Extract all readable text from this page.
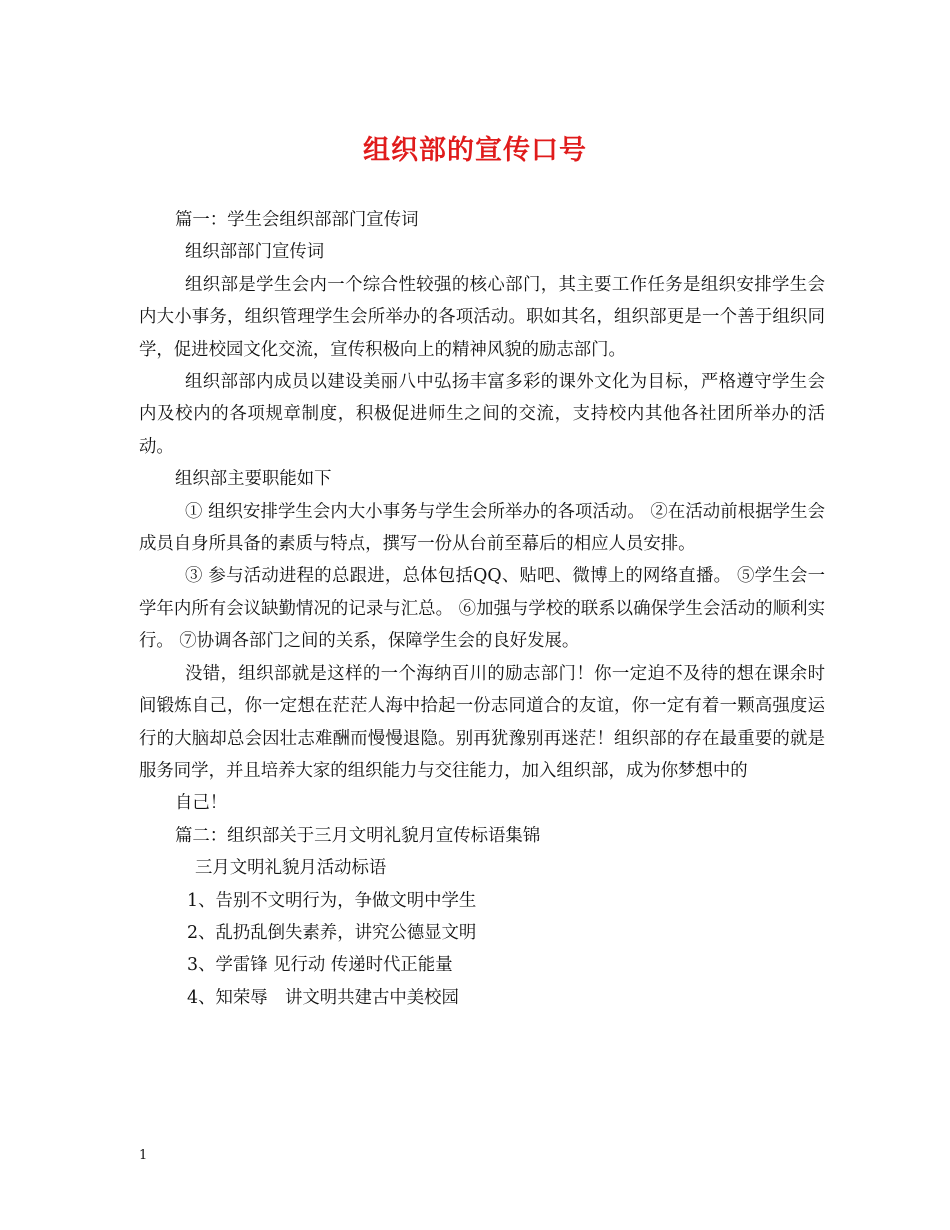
组织部的宣传口号

篇一：学生会组织部部门宣传词

组织部部门宣传词

组织部是学生会内一个综合性较强的核心部门，其主要工作任务是组织安排学生会内大小事务，组织管理学生会所举办的各项活动。职如其名，组织部更是一个善于组织同学，促进校园文化交流，宣传积极向上的精神风貌的励志部门。

组织部部内成员以建设美丽八中弘扬丰富多彩的课外文化为目标，严格遵守学生会内及校内的各项规章制度，积极促进师生之间的交流，支持校内其他各社团所举办的活动。

组织部主要职能如下

① 组织安排学生会内大小事务与学生会所举办的各项活动。 ②在活动前根据学生会成员自身所具备的素质与特点，撰写一份从台前至幕后的相应人员安排。

③ 参与活动进程的总跟进，总体包括QQ、贴吧、微博上的网络直播。 ⑤学生会一学年内所有会议缺勤情况的记录与汇总。 ⑥加强与学校的联系以确保学生会活动的顺利实行。 ⑦协调各部门之间的关系，保障学生会的良好发展。

没错，组织部就是这样的一个海纳百川的励志部门！你一定迫不及待的想在课余时间锻炼自己，你一定想在茫茫人海中拾起一份志同道合的友谊，你一定有着一颗高强度运行的大脑却总会因壮志难酬而慢慢退隐。别再犹豫别再迷茫！组织部的存在最重要的就是服务同学，并且培养大家的组织能力与交往能力，加入组织部，成为你梦想中的

自己！

篇二：组织部关于三月文明礼貌月宣传标语集锦

三月文明礼貌月活动标语

1、告别不文明行为，争做文明中学生

2、乱扔乱倒失素养，讲究公德显文明

3、学雷锋 见行动 传递时代正能量

4、知荣辱　讲文明共建古中美校园

1
